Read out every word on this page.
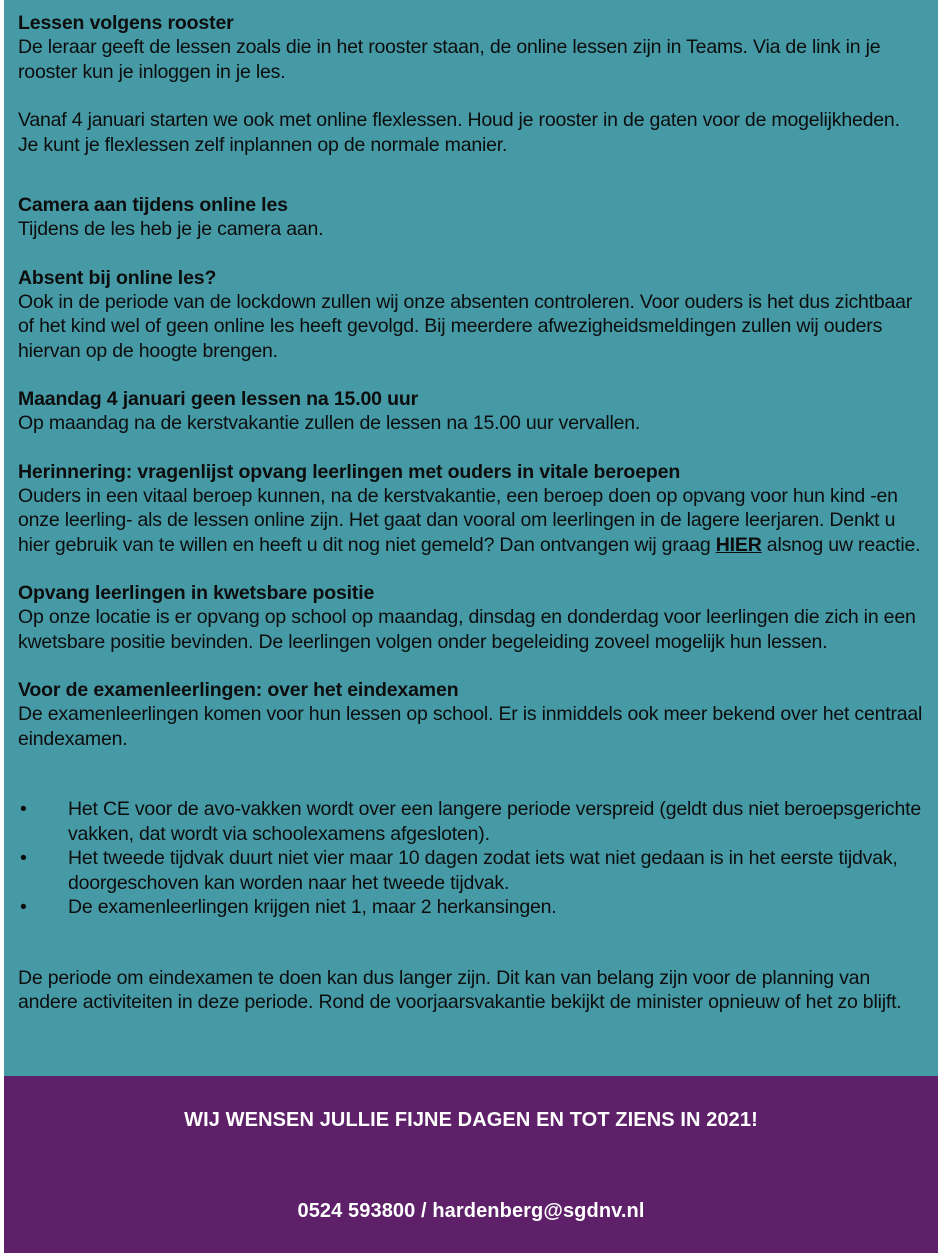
Lessen volgens rooster

De leraar geeft de lessen zoals die in het rooster staan, de online lessen zijn in Teams. Via de link in je rooster kun je inloggen in je les.

Vanaf 4 januari starten we ook met online flexlessen. Houd je rooster in de gaten voor de mogelijkheden. Je kunt je flexlessen zelf inplannen op de normale manier.

Camera aan tijdens online les

Tijdens de les heb je je camera aan.

Absent bij online les?

Ook in de periode van de lockdown zullen wij onze absenten controleren. Voor ouders is het dus zichtbaar of het kind wel of geen online les heeft gevolgd. Bij meerdere afwezigheidsmeldingen zullen wij ouders hiervan op de hoogte brengen.

Maandag 4 januari geen lessen na 15.00 uur

Op maandag na de kerstvakantie zullen de lessen na 15.00 uur vervallen.

Herinnering: vragenlijst opvang leerlingen met ouders in vitale beroepen

Ouders in een vitaal beroep kunnen, na de kerstvakantie, een beroep doen op opvang voor hun kind -en onze leerling- als de lessen online zijn. Het gaat dan vooral om leerlingen in de lagere leerjaren. Denkt u hier gebruik van te willen en heeft u dit nog niet gemeld? Dan ontvangen wij graag HIER alsnog uw reactie.

Opvang leerlingen in kwetsbare positie

Op onze locatie is er opvang op school op maandag, dinsdag en donderdag voor leerlingen die zich in een kwetsbare positie bevinden. De leerlingen volgen onder begeleiding zoveel mogelijk hun lessen.

Voor de examenleerlingen: over het eindexamen

De examenleerlingen komen voor hun lessen op school. Er is inmiddels ook meer bekend over het centraal eindexamen.

• Het CE voor de avo-vakken wordt over een langere periode verspreid (geldt dus niet beroepsgerichte vakken, dat wordt via schoolexamens afgesloten).
• Het tweede tijdvak duurt niet vier maar 10 dagen zodat iets wat niet gedaan is in het eerste tijdvak, doorgeschoven kan worden naar het tweede tijdvak.
• De examenleerlingen krijgen niet 1, maar 2 herkansingen.

De periode om eindexamen te doen kan dus langer zijn. Dit kan van belang zijn voor de planning van andere activiteiten in deze periode. Rond de voorjaarsvakantie bekijkt de minister opnieuw of het zo blijft.

WIJ WENSEN JULLIE FIJNE DAGEN EN TOT ZIENS IN 2021!

0524 593800 / hardenberg@sgdnv.nl
